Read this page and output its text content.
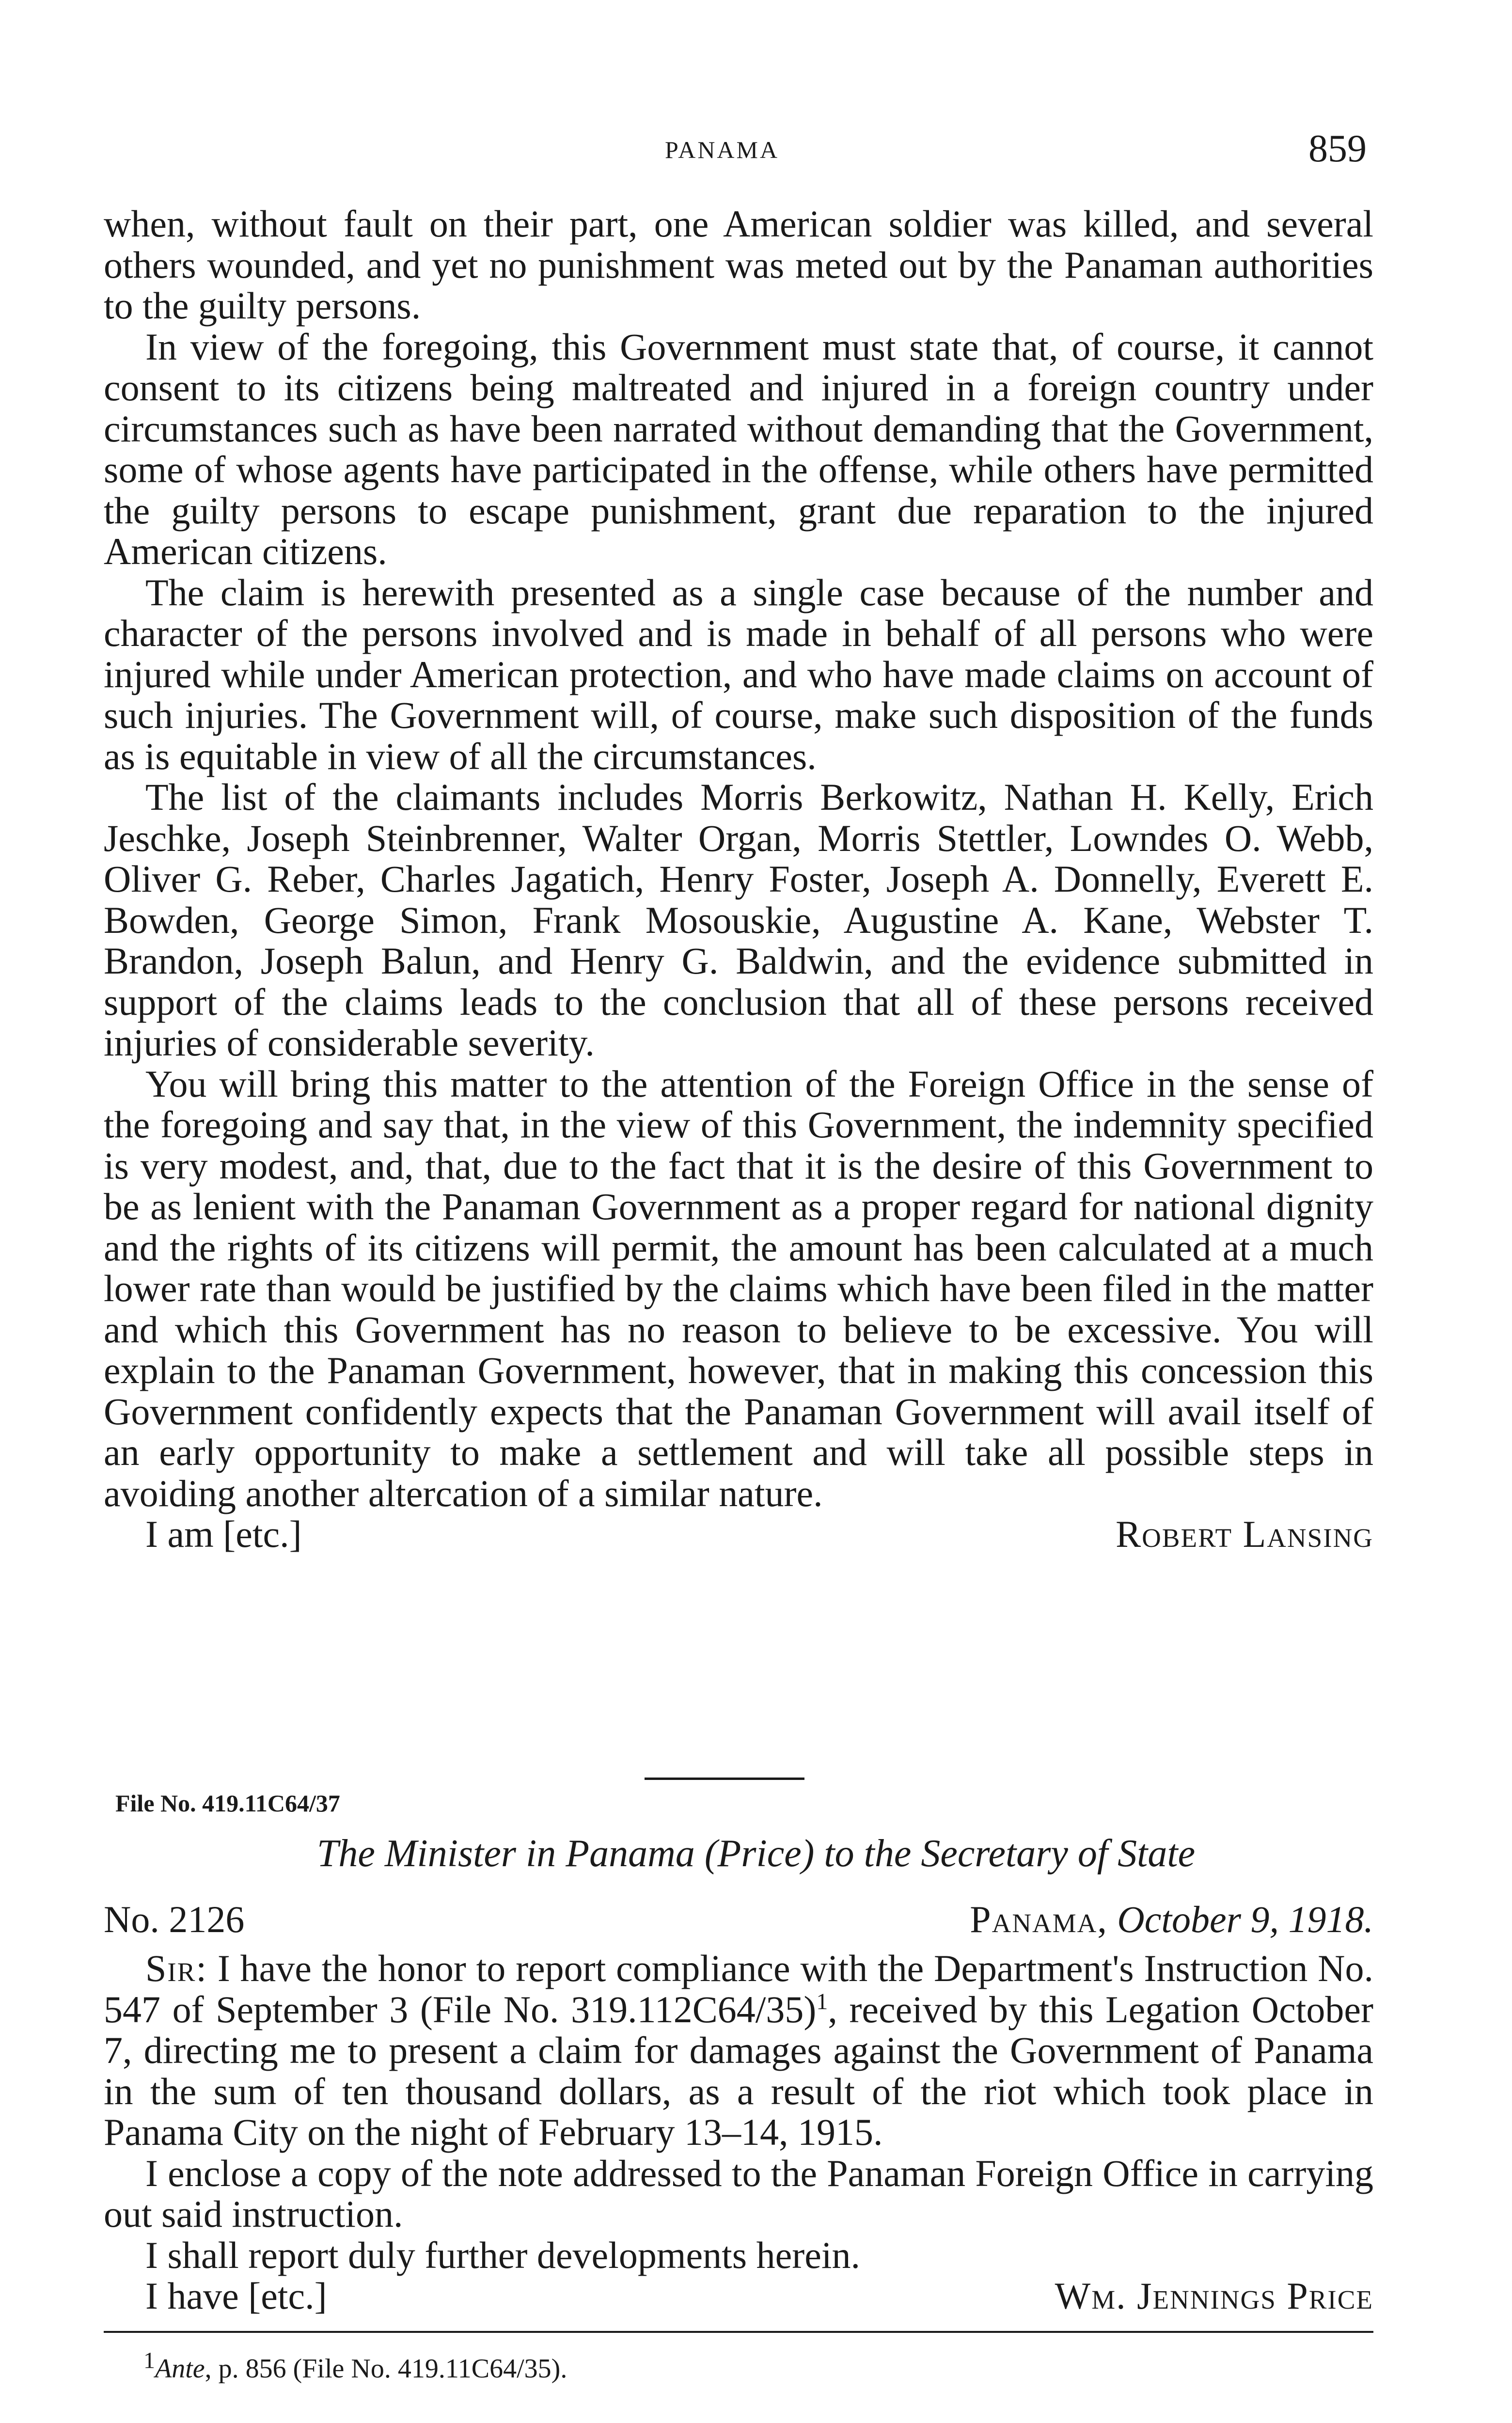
PANAMA	859

when, without fault on their part, one American soldier was killed, and several others wounded, and yet no punishment was meted out by the Panaman authorities to the guilty persons.

In view of the foregoing, this Government must state that, of course, it cannot consent to its citizens being maltreated and injured in a foreign country under circumstances such as have been narrated without demanding that the Government, some of whose agents have participated in the offense, while others have permitted the guilty persons to escape punishment, grant due reparation to the injured American citizens.

The claim is herewith presented as a single case because of the number and character of the persons involved and is made in behalf of all persons who were injured while under American protection, and who have made claims on account of such injuries. The Government will, of course, make such disposition of the funds as is equitable in view of all the circumstances.

The list of the claimants includes Morris Berkowitz, Nathan H. Kelly, Erich Jeschke, Joseph Steinbrenner, Walter Organ, Morris Stettler, Lowndes O. Webb, Oliver G. Reber, Charles Jagatich, Henry Foster, Joseph A. Donnelly, Everett E. Bowden, George Simon, Frank Mosouskie, Augustine A. Kane, Webster T. Brandon, Joseph Balun, and Henry G. Baldwin, and the evidence submitted in support of the claims leads to the conclusion that all of these persons received injuries of considerable severity.

You will bring this matter to the attention of the Foreign Office in the sense of the foregoing and say that, in the view of this Government, the indemnity specified is very modest, and, that, due to the fact that it is the desire of this Government to be as lenient with the Panaman Government as a proper regard for national dignity and the rights of its citizens will permit, the amount has been calculated at a much lower rate than would be justified by the claims which have been filed in the matter and which this Government has no reason to believe to be excessive. You will explain to the Panaman Government, however, that in making this concession this Government confidently expects that the Panaman Government will avail itself of an early opportunity to make a settlement and will take all possible steps in avoiding another altercation of a similar nature.

I am [etc.]	Robert Lansing
File No. 419.11C64/37
The Minister in Panama (Price) to the Secretary of State
No. 2126	Panama, October 9, 1918.

Sir: I have the honor to report compliance with the Department's Instruction No. 547 of September 3 (File No. 319.112C64/35)$^1$, received by this Legation October 7, directing me to present a claim for damages against the Government of Panama in the sum of ten thousand dollars, as a result of the riot which took place in Panama City on the night of February 13–14, 1915.

I enclose a copy of the note addressed to the Panaman Foreign Office in carrying out said instruction.

I shall report duly further developments herein.

I have [etc.]	Wm. Jennings Price
$^1$Ante, p. 856 (File No. 419.11C64/35).
